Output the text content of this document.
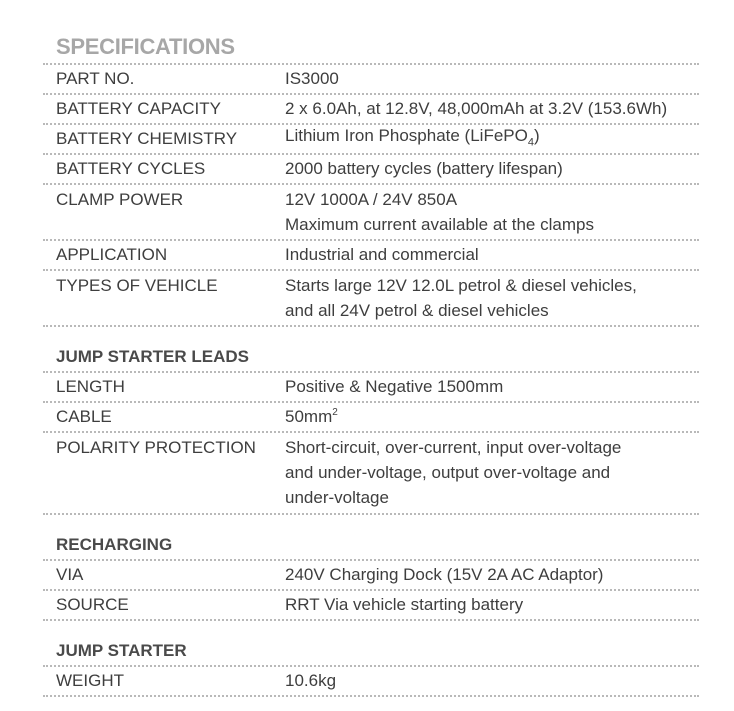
SPECIFICATIONS
PART NO.	IS3000
BATTERY CAPACITY	2 x 6.0Ah, at 12.8V, 48,000mAh at 3.2V (153.6Wh)
BATTERY CHEMISTRY	Lithium Iron Phosphate (LiFePO$_4$)
BATTERY CYCLES	2000 battery cycles (battery lifespan)
CLAMP POWER	12V 1000A / 24V 850A
Maximum current available at the clamps
APPLICATION	Industrial and commercial
TYPES OF VEHICLE	Starts large 12V 12.0L petrol & diesel vehicles,
and all 24V petrol & diesel vehicles
JUMP STARTER LEADS
LENGTH	Positive & Negative 1500mm
CABLE	$50mm^2$
POLARITY PROTECTION	Short-circuit, over-current, input over-voltage
and under-voltage, output over-voltage and
under-voltage
RECHARGING
VIA	240V Charging Dock (15V 2A AC Adaptor)
SOURCE	RRT Via vehicle starting battery
JUMP STARTER
WEIGHT	10.6kg
